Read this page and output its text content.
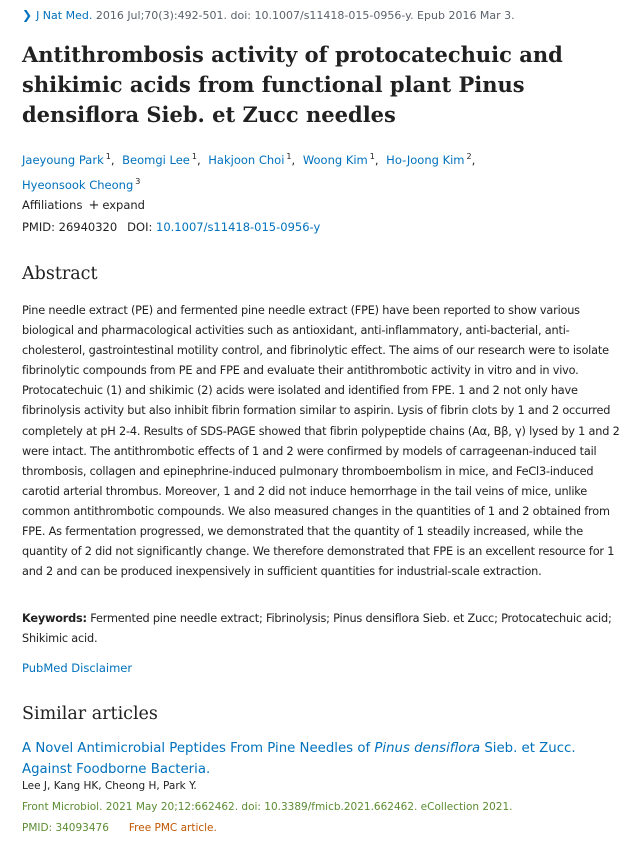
❯ J Nat Med. 2016 Jul;70(3):492-501. doi: 10.1007/s11418-015-0956-y. Epub 2016 Mar 3.
Antithrombosis activity of protocatechuic and shikimic acids from functional plant Pinus densiflora Sieb. et Zucc needles
Jaeyoung Park $^1$, Beomgi Lee $^1$, Hakjoon Choi $^1$, Woong Kim $^1$, Ho-Joong Kim $^2$,
Hyeonsook Cheong $^3$
Affiliations + expand
PMID: 26940320 DOI: 10.1007/s11418-015-0956-y
Abstract

Pine needle extract (PE) and fermented pine needle extract (FPE) have been reported to show various biological and pharmacological activities such as antioxidant, anti-inflammatory, anti-bacterial, anti-cholesterol, gastrointestinal motility control, and fibrinolytic effect. The aims of our research were to isolate fibrinolytic compounds from PE and FPE and evaluate their antithrombotic activity in vitro and in vivo. Protocatechuic (1) and shikimic (2) acids were isolated and identified from FPE. 1 and 2 not only have fibrinolysis activity but also inhibit fibrin formation similar to aspirin. Lysis of fibrin clots by 1 and 2 occurred completely at pH 2-4. Results of SDS-PAGE showed that fibrin polypeptide chains (Aα, Bβ, γ) lysed by 1 and 2 were intact. The antithrombotic effects of 1 and 2 were confirmed by models of carrageenan-induced tail thrombosis, collagen and epinephrine-induced pulmonary thromboembolism in mice, and FeCl3-induced carotid arterial thrombus. Moreover, 1 and 2 did not induce hemorrhage in the tail veins of mice, unlike common antithrombotic compounds. We also measured changes in the quantities of 1 and 2 obtained from FPE. As fermentation progressed, we demonstrated that the quantity of 1 steadily increased, while the quantity of 2 did not significantly change. We therefore demonstrated that FPE is an excellent resource for 1 and 2 and can be produced inexpensively in sufficient quantities for industrial-scale extraction.

Keywords: Fermented pine needle extract; Fibrinolysis; Pinus densiflora Sieb. et Zucc; Protocatechuic acid; Shikimic acid.

PubMed Disclaimer
Similar articles
A Novel Antimicrobial Peptides From Pine Needles of Pinus densiflora Sieb. et Zucc. Against Foodborne Bacteria.
Lee J, Kang HK, Cheong H, Park Y.
Front Microbiol. 2021 May 20;12:662462. doi: 10.3389/fmicb.2021.662462. eCollection 2021.
PMID: 34093476 Free PMC article.
